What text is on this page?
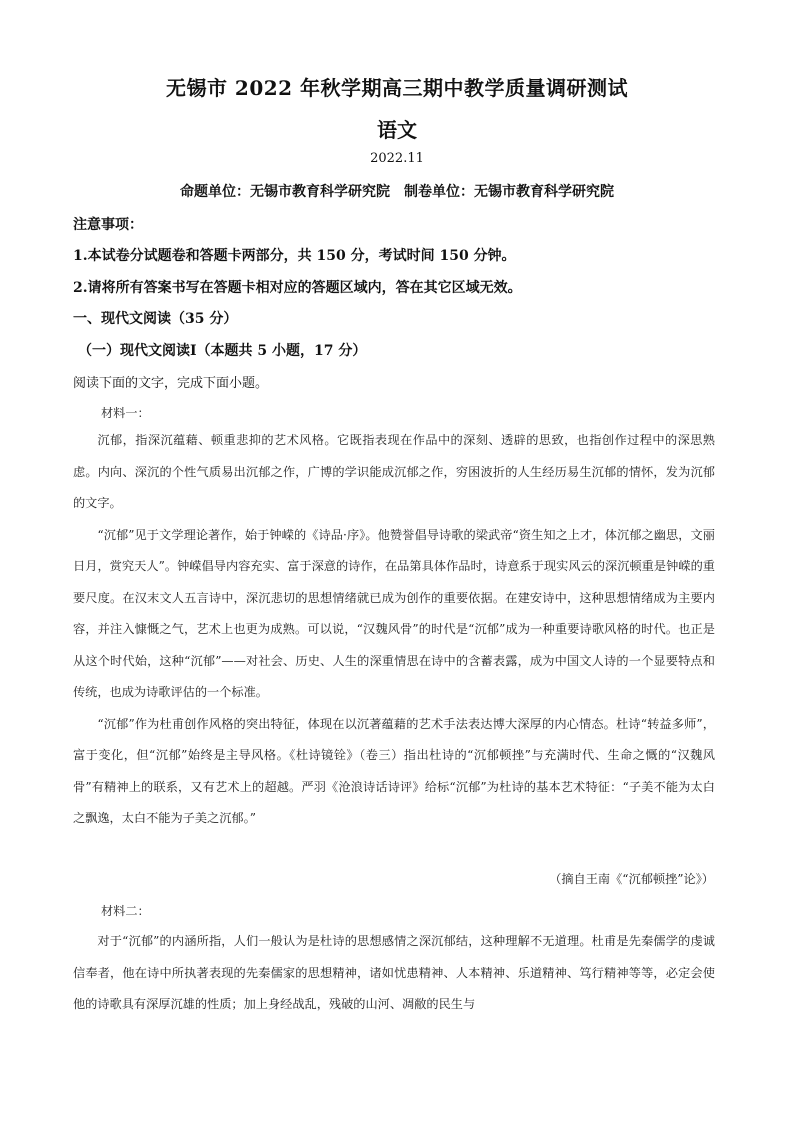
无锡市 2022 年秋学期高三期中教学质量调研测试
语文
2022.11
命题单位：无锡市教育科学研究院　制卷单位：无锡市教育科学研究院
注意事项：
1.本试卷分试题卷和答题卡两部分，共 150 分，考试时间 150 分钟。
2.请将所有答案书写在答题卡相对应的答题区域内，答在其它区域无效。
一、现代文阅读（35 分）
（一）现代文阅读Ⅰ（本题共 5 小题，17 分）
阅读下面的文字，完成下面小题。
材料一：

沉郁，指深沉蕴藉、顿重悲抑的艺术风格。它既指表现在作品中的深刻、透辟的思致，也指创作过程中的深思熟虑。内向、深沉的个性气质易出沉郁之作，广博的学识能成沉郁之作，穷困波折的人生经历易生沉郁的情怀，发为沉郁的文字。

“沉郁”见于文学理论著作，始于钟嵘的《诗品·序》。他赞誉倡导诗歌的梁武帝“资生知之上才，体沉郁之幽思，文丽日月，赏究天人”。钟嵘倡导内容充实、富于深意的诗作，在品第具体作品时，诗意系于现实风云的深沉顿重是钟嵘的重要尺度。在汉末文人五言诗中，深沉悲切的思想情绪就已成为创作的重要依据。在建安诗中，这种思想情绪成为主要内容，并注入慷慨之气，艺术上也更为成熟。可以说，“汉魏风骨”的时代是“沉郁”成为一种重要诗歌风格的时代。也正是从这个时代始，这种“沉郁”——对社会、历史、人生的深重情思在诗中的含蓄表露，成为中国文人诗的一个显要特点和传统，也成为诗歌评估的一个标准。

“沉郁”作为杜甫创作风格的突出特征，体现在以沉著蕴藉的艺术手法表达博大深厚的内心情态。杜诗“转益多师”，富于变化，但“沉郁”始终是主导风格。《杜诗镜铨》（卷三）指出杜诗的“沉郁顿挫”与充满时代、生命之慨的“汉魏风骨”有精神上的联系，又有艺术上的超越。严羽《沧浪诗话诗评》给标“沉郁”为杜诗的基本艺术特征：“子美不能为太白之飘逸，太白不能为子美之沉郁。”

（摘自王南《“沉郁顿挫”论》）
材料二：

对于“沉郁”的内涵所指，人们一般认为是杜诗的思想感情之深沉郁结，这种理解不无道理。杜甫是先秦儒学的虔诚信奉者，他在诗中所执著表现的先秦儒家的思想精神，诸如忧患精神、人本精神、乐道精神、笃行精神等等，必定会使他的诗歌具有深厚沉雄的性质；加上身经战乱，残破的山河、凋敝的民生与
